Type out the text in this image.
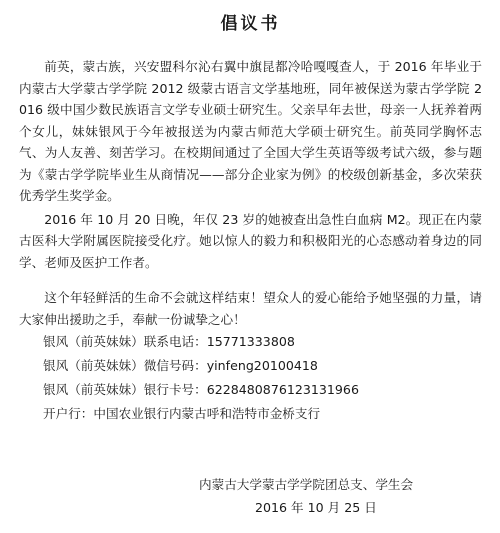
倡议书

前英，蒙古族，兴安盟科尔沁右翼中旗昆都冷哈嘎嘎查人，于 2016 年毕业于内蒙古大学蒙古学学院 2012 级蒙古语言文学基地班，同年被保送为蒙古学学院 2016 级中国少数民族语言文学专业硕士研究生。父亲早年去世，母亲一人抚养着两个女儿，妹妹银风于今年被报送为内蒙古师范大学硕士研究生。前英同学胸怀志气、为人友善、刻苦学习。在校期间通过了全国大学生英语等级考试六级，参与题为《蒙古学学院毕业生从商情况——部分企业家为例》的校级创新基金，多次荣获优秀学生奖学金。

2016 年 10 月 20 日晚，年仅 23 岁的她被查出急性白血病 M2。现正在内蒙古医科大学附属医院接受化疗。她以惊人的毅力和积极阳光的心态感动着身边的同学、老师及医护工作者。

这个年轻鲜活的生命不会就这样结束！望众人的爱心能给予她坚强的力量，请大家伸出援助之手，奉献一份诚挚之心！

银风（前英妹妹）联系电话：15771333808
银风（前英妹妹）微信号码：yinfeng20100418
银风（前英妹妹）银行卡号：6228480876123131966
开户行：中国农业银行内蒙古呼和浩特市金桥支行
内蒙古大学蒙古学学院团总支、学生会
2016 年 10 月 25 日
